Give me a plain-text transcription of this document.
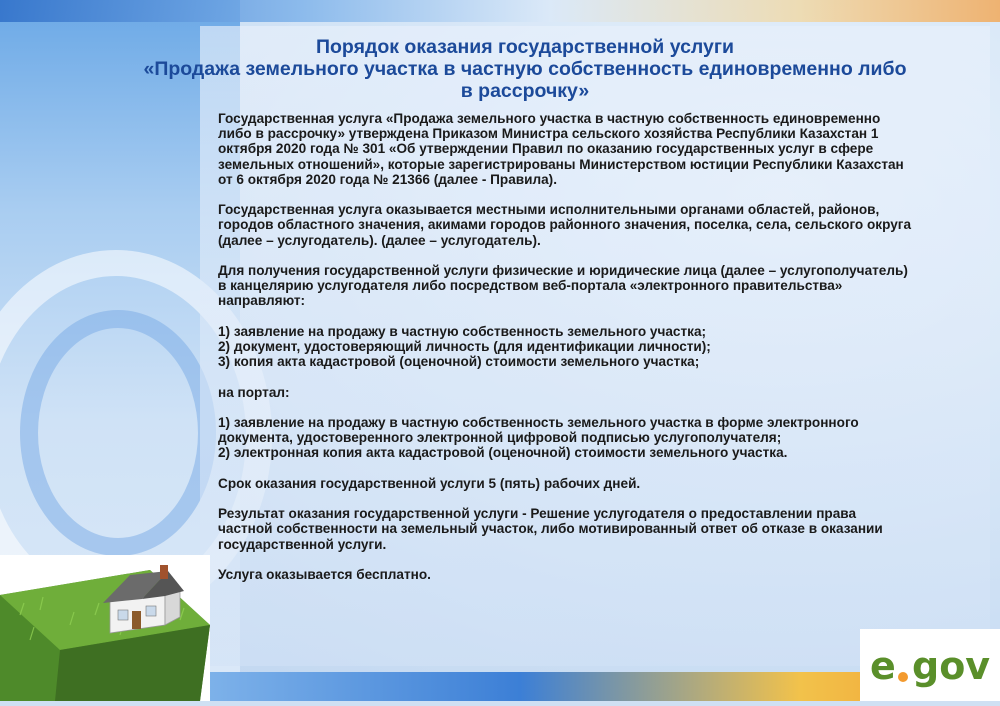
Порядок оказания государственной услуги
«Продажа земельного участка в частную собственность единовременно либо
в рассрочку»

Государственная услуга «Продажа земельного участка в частную собственность единовременно
либо в рассрочку» утверждена Приказом Министра сельского хозяйства Республики Казахстан 1
октября 2020 года № 301 «Об утверждении Правил по оказанию государственных услуг в сфере
земельных отношений», которые зарегистрированы Министерством юстиции Республики Казахстан
от 6 октября 2020 года № 21366 (далее - Правила).

Государственная услуга оказывается местными исполнительными органами областей, районов,
городов областного значения, акимами городов районного значения, поселка, села, сельского округа
(далее – услугодатель). (далее – услугодатель).

Для получения государственной услуги физические и юридические лица (далее – услугополучатель)
в канцелярию услугодателя либо посредством веб-портала «электронного правительства»
направляют:

1) заявление на продажу в частную собственность земельного участка;
2) документ, удостоверяющий личность (для идентификации личности);
3) копия акта кадастровой (оценочной) стоимости земельного участка;

на портал:

1) заявление на продажу в частную собственность земельного участка в форме электронного
документа, удостоверенного электронной цифровой подписью услугополучателя;
2) электронная копия акта кадастровой (оценочной) стоимости земельного участка.

Срок оказания государственной услуги 5 (пять) рабочих дней.

Результат оказания государственной услуги - Решение услугодателя о предоставлении права
частной собственности на земельный участок, либо мотивированный ответ об отказе в оказании
государственной услуги.

Услуга оказывается бесплатно.

e gov
